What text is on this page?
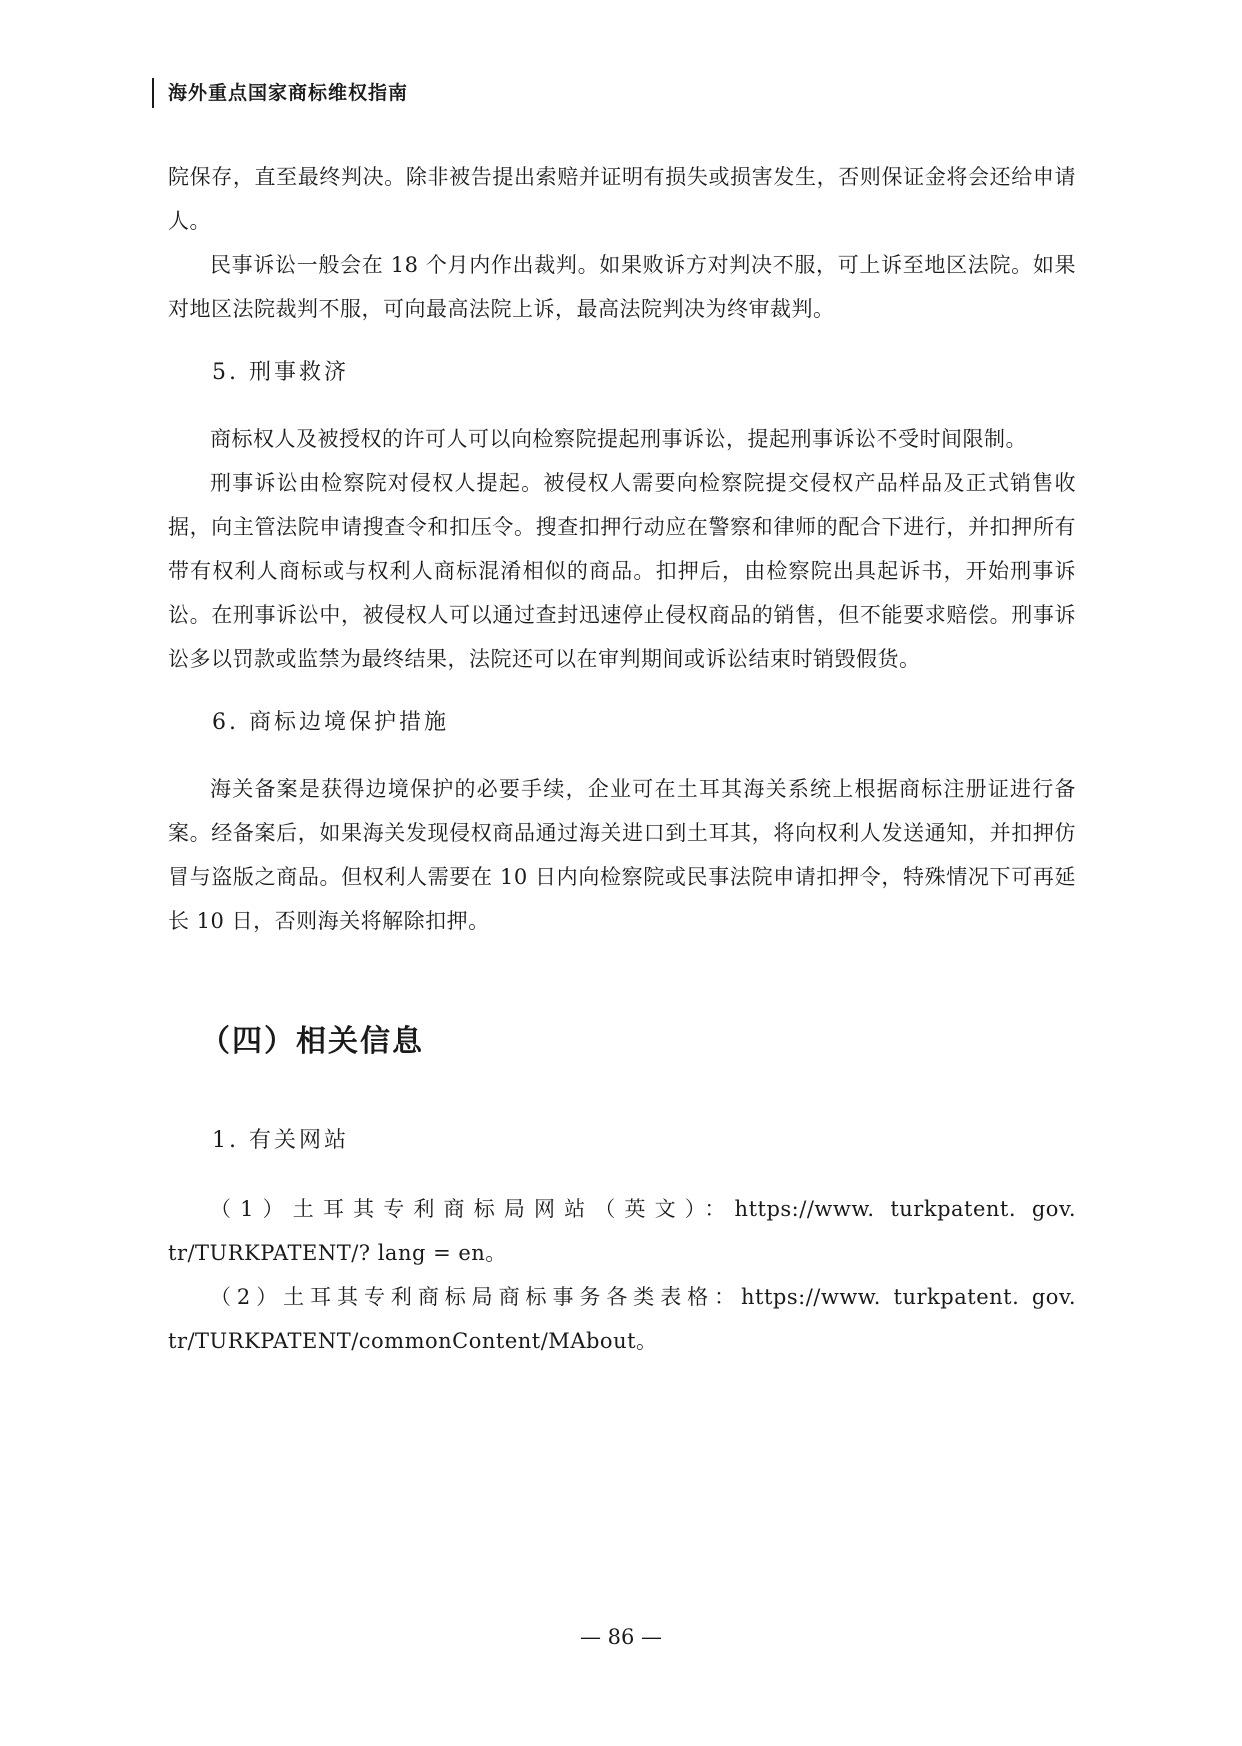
海外重点国家商标维权指南

院保存，直至最终判决。除非被告提出索赔并证明有损失或损害发生，否则保证金将会还给申请人。

民事诉讼一般会在 18 个月内作出裁判。如果败诉方对判决不服，可上诉至地区法院。如果对地区法院裁判不服，可向最高法院上诉，最高法院判决为终审裁判。

5. 刑事救济

商标权人及被授权的许可人可以向检察院提起刑事诉讼，提起刑事诉讼不受时间限制。

刑事诉讼由检察院对侵权人提起。被侵权人需要向检察院提交侵权产品样品及正式销售收据，向主管法院申请搜查令和扣压令。搜查扣押行动应在警察和律师的配合下进行，并扣押所有带有权利人商标或与权利人商标混淆相似的商品。扣押后，由检察院出具起诉书，开始刑事诉讼。在刑事诉讼中，被侵权人可以通过查封迅速停止侵权商品的销售，但不能要求赔偿。刑事诉讼多以罚款或监禁为最终结果，法院还可以在审判期间或诉讼结束时销毁假货。

6. 商标边境保护措施

海关备案是获得边境保护的必要手续，企业可在土耳其海关系统上根据商标注册证进行备案。经备案后，如果海关发现侵权商品通过海关进口到土耳其，将向权利人发送通知，并扣押仿冒与盗版之商品。但权利人需要在 10 日内向检察院或民事法院申请扣押令，特殊情况下可再延长 10 日，否则海关将解除扣押。

（四）相关信息
1. 有关网站

（1）土耳其专利商标局网站（英文）：https://www. turkpatent. gov. tr/TURKPATENT/? lang = en。

（2）土耳其专利商标局商标事务各类表格：https://www. turkpatent. gov. tr/TURKPATENT/commonContent/MAbout。

— 86 —
